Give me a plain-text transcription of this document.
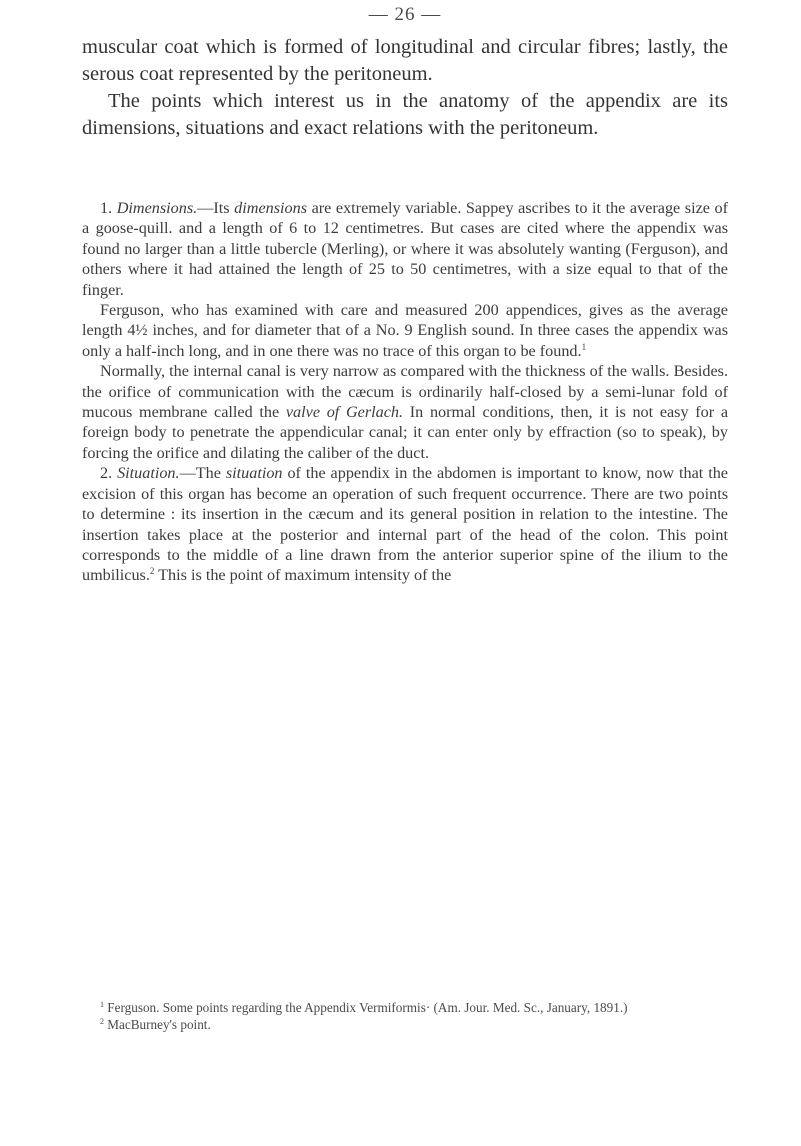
— 26 —

muscular coat which is formed of longitudinal and circular fibres; lastly, the serous coat represented by the peritoneum.

The points which interest us in the anatomy of the appendix are its dimensions, situations and exact relations with the peritoneum.

1. Dimensions.—Its dimensions are extremely variable. Sappey ascribes to it the average size of a goose-quill. and a length of 6 to 12 centimetres. But cases are cited where the appendix was found no larger than a little tubercle (Merling), or where it was absolutely wanting (Ferguson), and others where it had attained the length of 25 to 50 centimetres, with a size equal to that of the finger.

Ferguson, who has examined with care and measured 200 appendices, gives as the average length 4½ inches, and for diameter that of a No. 9 English sound. In three cases the appendix was only a half-inch long, and in one there was no trace of this organ to be found.$^1$

Normally, the internal canal is very narrow as compared with the thickness of the walls. Besides. the orifice of communication with the cæcum is ordinarily half-closed by a semi-lunar fold of mucous membrane called the valve of Gerlach. In normal conditions, then, it is not easy for a foreign body to penetrate the appendicular canal; it can enter only by effraction (so to speak), by forcing the orifice and dilating the caliber of the duct.

2. Situation.—The situation of the appendix in the abdomen is important to know, now that the excision of this organ has become an operation of such frequent occurrence. There are two points to determine : its insertion in the cæcum and its general position in relation to the intestine. The insertion takes place at the posterior and internal part of the head of the colon. This point corresponds to the middle of a line drawn from the anterior superior spine of the ilium to the umbilicus.$^2$ This is the point of maximum intensity of the

$^1$ Ferguson. Some points regarding the Appendix Vermiformis· (Am. Jour. Med. Sc., January, 1891.)

$^2$ MacBurney's point.
